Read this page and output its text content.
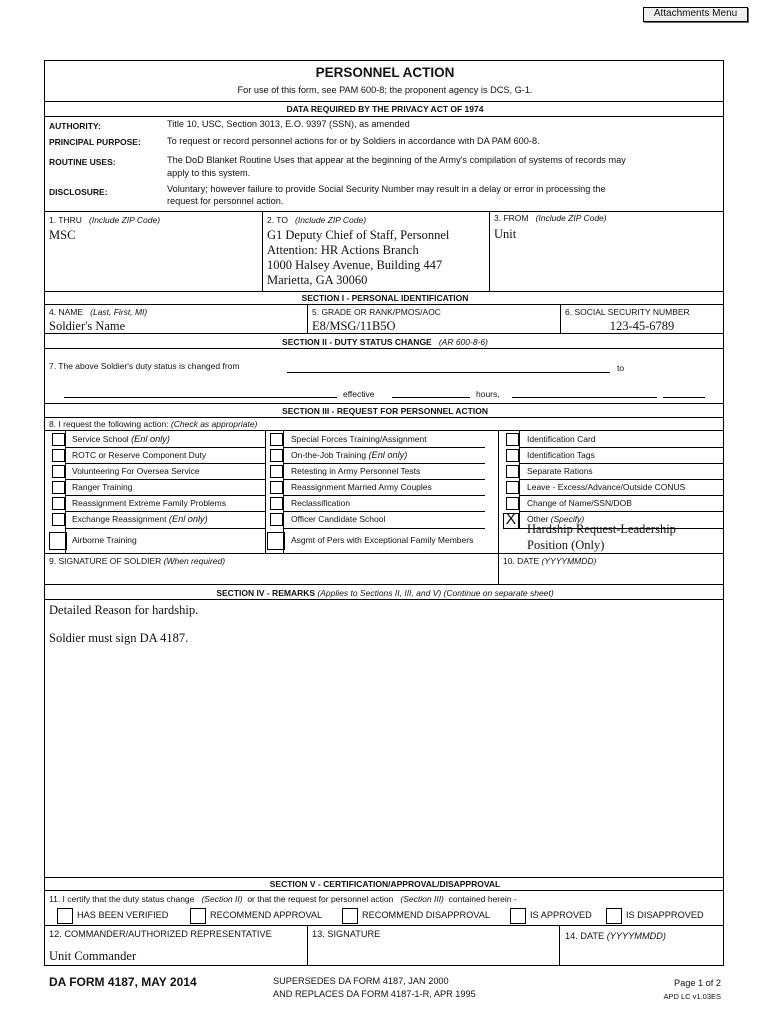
Attachments Menu
PERSONNEL ACTION
For use of this form, see PAM 600-8; the proponent agency is DCS, G-1.
DATA REQUIRED BY THE PRIVACY ACT OF 1974
AUTHORITY:	Title 10, USC, Section 3013, E.O. 9397 (SSN), as amended
PRINCIPAL PURPOSE:	To request or record personnel actions for or by Soldiers in accordance with DA PAM 600-8.
ROUTINE USES:	The DoD Blanket Routine Uses that appear at the beginning of the Army's compilation of systems of records may
apply to this system.
DISCLOSURE:	Voluntary; however failure to provide Social Security Number may result in a delay or error in processing the
request for personnel action.
1. THRU (Include ZIP Code)
MSC
2. TO (Include ZIP Code)
G1 Deputy Chief of Staff, Personnel
Attention: HR Actions Branch
1000 Halsey Avenue, Building 447
Marietta, GA 30060
3. FROM (Include ZIP Code)
Unit
SECTION I - PERSONAL IDENTIFICATION
4. NAME (Last, First, MI)
Soldier's Name
5. GRADE OR RANK/PMOS/AOC
E8/MSG/11B5O
6. SOCIAL SECURITY NUMBER
123-45-6789
SECTION II - DUTY STATUS CHANGE (AR 600-8-6)
7. The above Soldier's duty status is changed from	to
effective	hours,
SECTION III - REQUEST FOR PERSONNEL ACTION
8. I request the following action: (Check as appropriate)
Service School (Enl only)
ROTC or Reserve Component Duty
Volunteering For Oversea Service
Ranger Training
Reassignment Extreme Family Problems
Exchange Reassignment (Enl only)
Airborne Training
Special Forces Training/Assignment
On-the-Job Training (Enl only)
Retesting in Army Personnel Tests
Reassignment Married Army Couples
Reclassification
Officer Candidate School
Asgmt of Pers with Exceptional Family Members
Identification Card
Identification Tags
Separate Rations
Leave - Excess/Advance/Outside CONUS
Change of Name/SSN/DOB
Other (Specify)
X
Hardship Request-Leadership
Position (Only)
9. SIGNATURE OF SOLDIER (When required)	10. DATE (YYYYMMDD)
SECTION IV - REMARKS (Applies to Sections II, III, and V) (Continue on separate sheet)
Detailed Reason for hardship.
Soldier must sign DA 4187.
SECTION V - CERTIFICATION/APPROVAL/DISAPPROVAL
11. I certify that the duty status change (Section II) or that the request for personnel action (Section III) contained herein -
HAS BEEN VERIFIED	RECOMMEND APPROVAL	RECOMMEND DISAPPROVAL	IS APPROVED	IS DISAPPROVED
12. COMMANDER/AUTHORIZED REPRESENTATIVE
Unit Commander
13. SIGNATURE	14. DATE (YYYYMMDD)
DA FORM 4187, MAY 2014	SUPERSEDES DA FORM 4187, JAN 2000
AND REPLACES DA FORM 4187-1-R, APR 1995
Page 1 of 2
APD LC v1.03ES
